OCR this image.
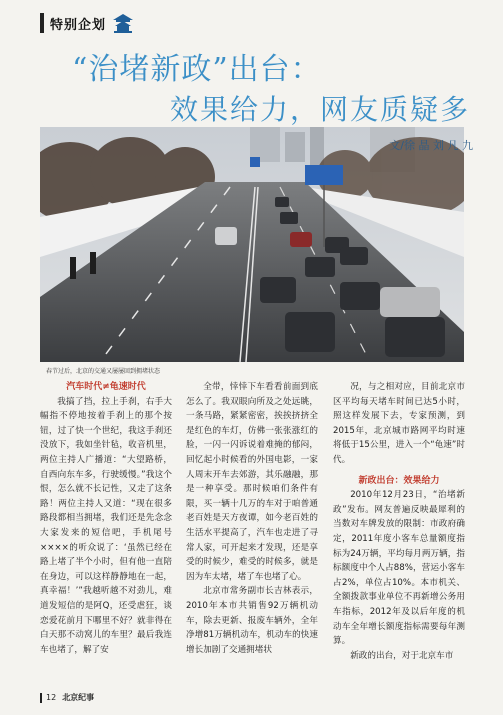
特别企划
“治堵新政”出台：
效果给力，网友质疑多
文/徐 晶 刘 凡 九
春节过后，北京的交通又屡屡回到拥堵状态

汽车时代≠龟速时代

我搞了挡，拉上手刹，右手大幅指不停地按着手刹上的那个按钮，过了快一个世纪，我这手刹还没放下，我如坐针毡，收音机里，两位主持人广播道：“大望路桥，自西向东车多，行驶缓慢。”我这个恨，怎么就不长记性，又走了这条路！两位主持人又道：“现在很多路段都相当拥堵，我们还是先念念大家发来的短信吧，手机尾号××××的听众说了：‘虽然已经在路上堵了半个小时，但有他一直陪在身边，可以这样静静地在一起，真幸福！’”我越听越不对劲儿，难道发短信的是阿Q，还受虐狂，谈恋爱花前月下哪里不好？就非得在白天那不动窝儿的车里？最后我连车也堵了，解了安

全带，悻悻下车看看前面到底怎么了。我双眼向所及之处远眺，一条马路，紧紧密密，挨挨挤挤全是红色的车灯，仿佛一张张涨红的脸，一闪一闪诉说着难掩的郁闷，回忆起小时候看的外国电影，一家人周末开车去郊游，其乐融融，那是一种享受。那时候咱们条件有限，买一辆十几万的车对于咱普通老百姓是天方夜谭，如今老百姓的生活水平提高了，汽车也走进了寻常人家，可开起来才发现，还是享受的时候少，难受的时候多，就是因为车太堵，堵了车也堵了心。

北京市常务副市长吉林表示，2010年本市共销售92万辆机动车，除去更新、报废车辆外，全年净增81万辆机动车，机动车的快速增长加剧了交通拥堵状

况，与之相对应，目前北京市区平均每天堵车时间已达5小时，照这样发展下去，专家预测，到2015年，北京城市路网平均时速将低于15公里，进入一个“龟速”时代。

新政出台：效果给力

2010年12月23日，“治堵新政”发布。网友普遍反映最犀利的当数对车牌发放的限制：市政府确定，2011年度小客车总量额度指标为24万辆，平均每月两万辆，指标额度中个人占88%，营运小客车占2%，单位占10%。本市机关、全额拨款事业单位不再新增公务用车指标，2012年及以后年度的机动车全年增长额度指标需要每年测算。

新政的出台，对于北京车市

12 北京纪事
